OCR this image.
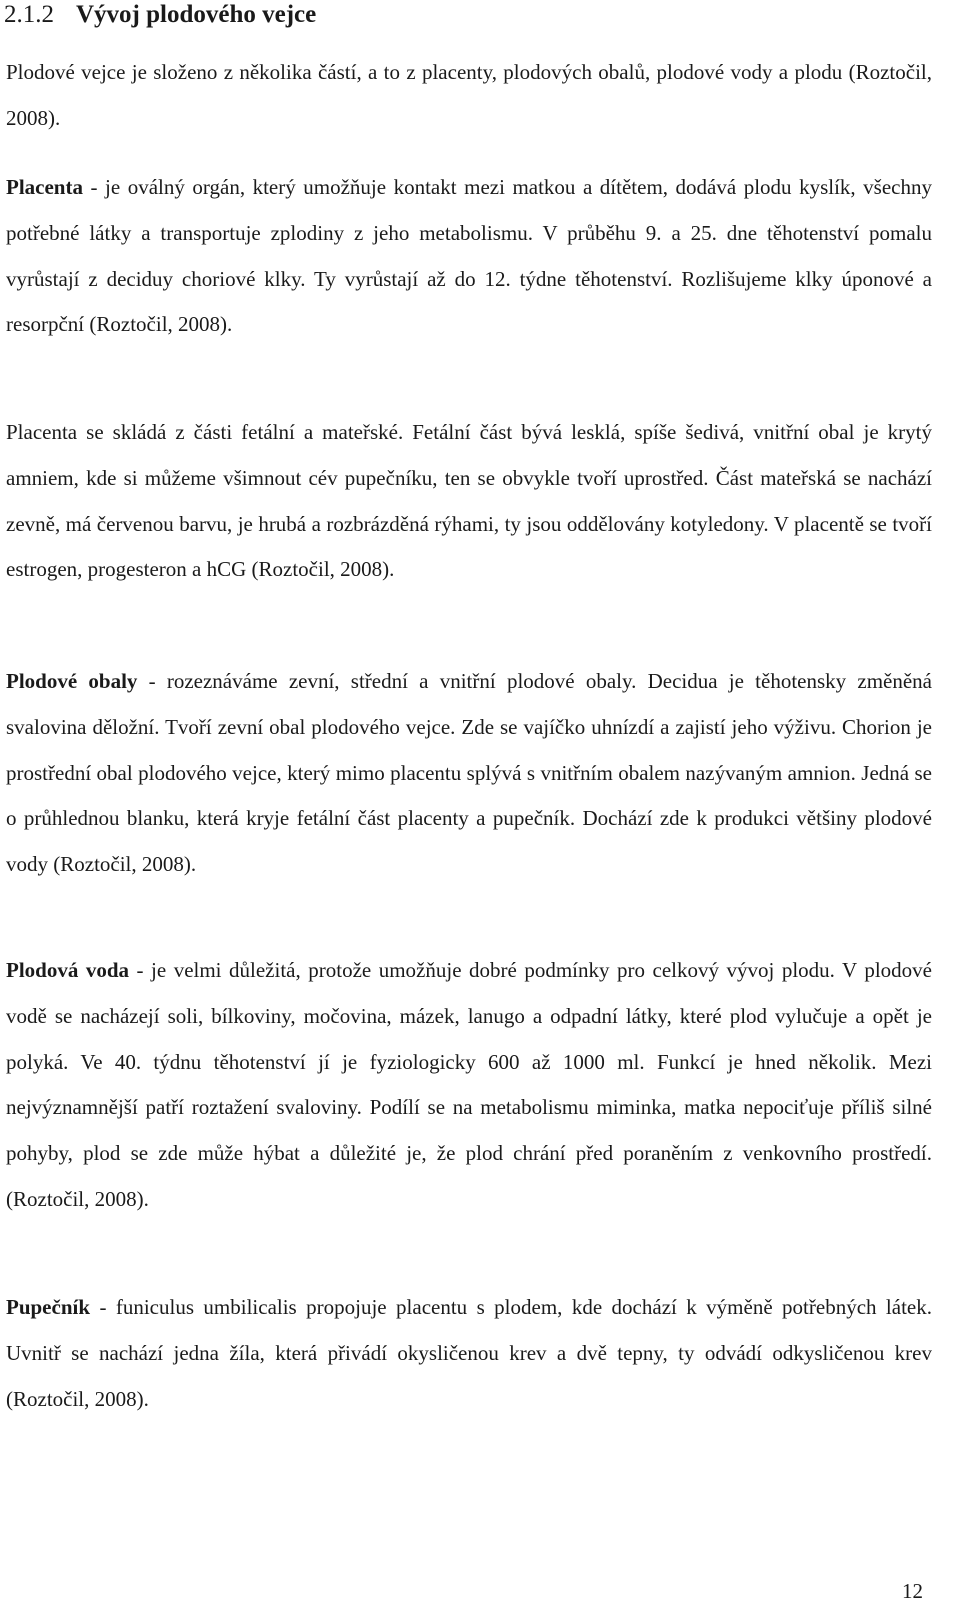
2.1.2 Vývoj plodového vejce

Plodové vejce je složeno z několika částí, a to z placenty, plodových obalů, plodové vody a plodu (Roztočil, 2008).

Placenta - je oválný orgán, který umožňuje kontakt mezi matkou a dítětem, dodává plodu kyslík, všechny potřebné látky a transportuje zplodiny z jeho metabolismu. V průběhu 9. a 25. dne těhotenství pomalu vyrůstají z deciduy choriové klky. Ty vyrůstají až do 12. týdne těhotenství. Rozlišujeme klky úponové a resorpční (Roztočil, 2008).

Placenta se skládá z části fetální a mateřské. Fetální část bývá lesklá, spíše šedivá, vnitřní obal je krytý amniem, kde si můžeme všimnout cév pupečníku, ten se obvykle tvoří uprostřed. Část mateřská se nachází zevně, má červenou barvu, je hrubá a rozbrázděná rýhami, ty jsou oddělovány kotyledony. V placentě se tvoří estrogen, progesteron a hCG (Roztočil, 2008).

Plodové obaly - rozeznáváme zevní, střední a vnitřní plodové obaly. Decidua je těhotensky změněná svalovina děložní. Tvoří zevní obal plodového vejce. Zde se vajíčko uhnízdí a zajistí jeho výživu. Chorion je prostřední obal plodového vejce, který mimo placentu splývá s vnitřním obalem nazývaným amnion. Jedná se o průhlednou blanku, která kryje fetální část placenty a pupečník. Dochází zde k produkci většiny plodové vody (Roztočil, 2008).

Plodová voda - je velmi důležitá, protože umožňuje dobré podmínky pro celkový vývoj plodu. V plodové vodě se nacházejí soli, bílkoviny, močovina, mázek, lanugo a odpadní látky, které plod vylučuje a opět je polyká. Ve 40. týdnu těhotenství jí je fyziologicky 600 až 1000 ml. Funkcí je hned několik. Mezi nejvýznamnější patří roztažení svaloviny. Podílí se na metabolismu miminka, matka nepociťuje příliš silné pohyby, plod se zde může hýbat a důležité je, že plod chrání před poraněním z venkovního prostředí. (Roztočil, 2008).

Pupečník - funiculus umbilicalis propojuje placentu s plodem, kde dochází k výměně potřebných látek. Uvnitř se nachází jedna žíla, která přivádí okysličenou krev a dvě tepny, ty odvádí odkysličenou krev (Roztočil, 2008).

12
